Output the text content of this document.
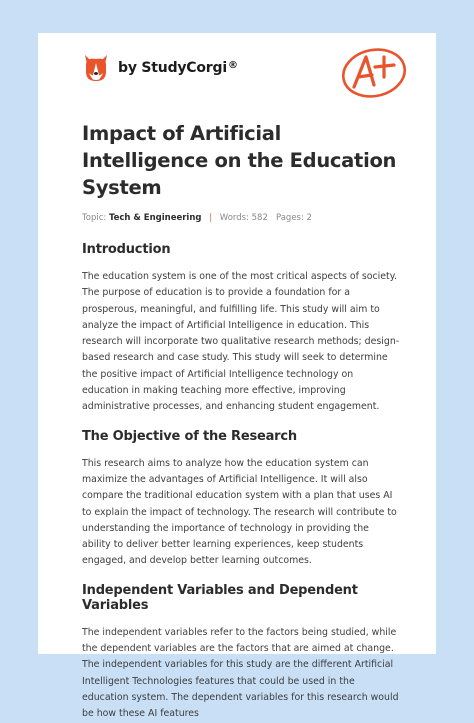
by StudyCorgi®
Impact of Artificial Intelligence on the Education System
Topic: Tech & Engineering | Words: 582 Pages: 2
Introduction

The education system is one of the most critical aspects of society. The purpose of education is to provide a foundation for a prosperous, meaningful, and fulfilling life. This study will aim to analyze the impact of Artificial Intelligence in education. This research will incorporate two qualitative research methods; design-based research and case study. This study will seek to determine the positive impact of Artificial Intelligence technology on education in making teaching more effective, improving administrative processes, and enhancing student engagement.

The Objective of the Research

This research aims to analyze how the education system can maximize the advantages of Artificial Intelligence. It will also compare the traditional education system with a plan that uses AI to explain the impact of technology. The research will contribute to understanding the importance of technology in providing the ability to deliver better learning experiences, keep students engaged, and develop better learning outcomes.

Independent Variables and Dependent Variables

The independent variables refer to the factors being studied, while the dependent variables are the factors that are aimed at change. The independent variables for this study are the different Artificial Intelligent Technologies features that could be used in the education system. The dependent variables for this research would be how these AI features
